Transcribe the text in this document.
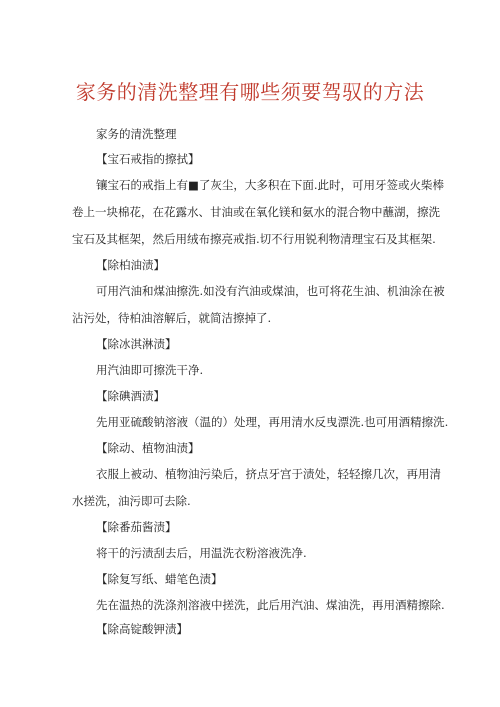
家务的清洗整理有哪些须要驾驭的方法
家务的清洗整理
【宝石戒指的擦拭】
镶宝石的戒指上有■了灰尘，大多积在下面.此时，可用牙签或火柴棒
卷上一块棉花，在花露水、甘油或在氧化镁和氨水的混合物中蘸湖，擦洗
宝石及其框架，然后用绒布擦亮戒指.切不行用锐利物清理宝石及其框架.
【除柏油渍】
可用汽油和煤油擦洗.如没有汽油或煤油，也可将花生油、机油涂在被
沾污处，待柏油溶解后，就简洁擦掉了.
【除冰淇淋渍】
用汽油即可擦洗干净.
【除碘酒渍】
先用亚硫酸钠溶液（温的）处理，再用清水反曳漂洗.也可用酒精擦洗.
【除动、植物油渍】
衣服上被动、植物油污染后，挤点牙宫于渍处，轻轻擦几次，再用清
水搓洗，油污即可去除.
【除番茄酱渍】
将干的污渍刮去后，用温洗衣粉溶液洗净.
【除复写纸、蜡笔色渍】
先在温热的洗涤剂溶液中搓洗，此后用汽油、煤油洗，再用酒精擦除.
【除高锭酸钾渍】
